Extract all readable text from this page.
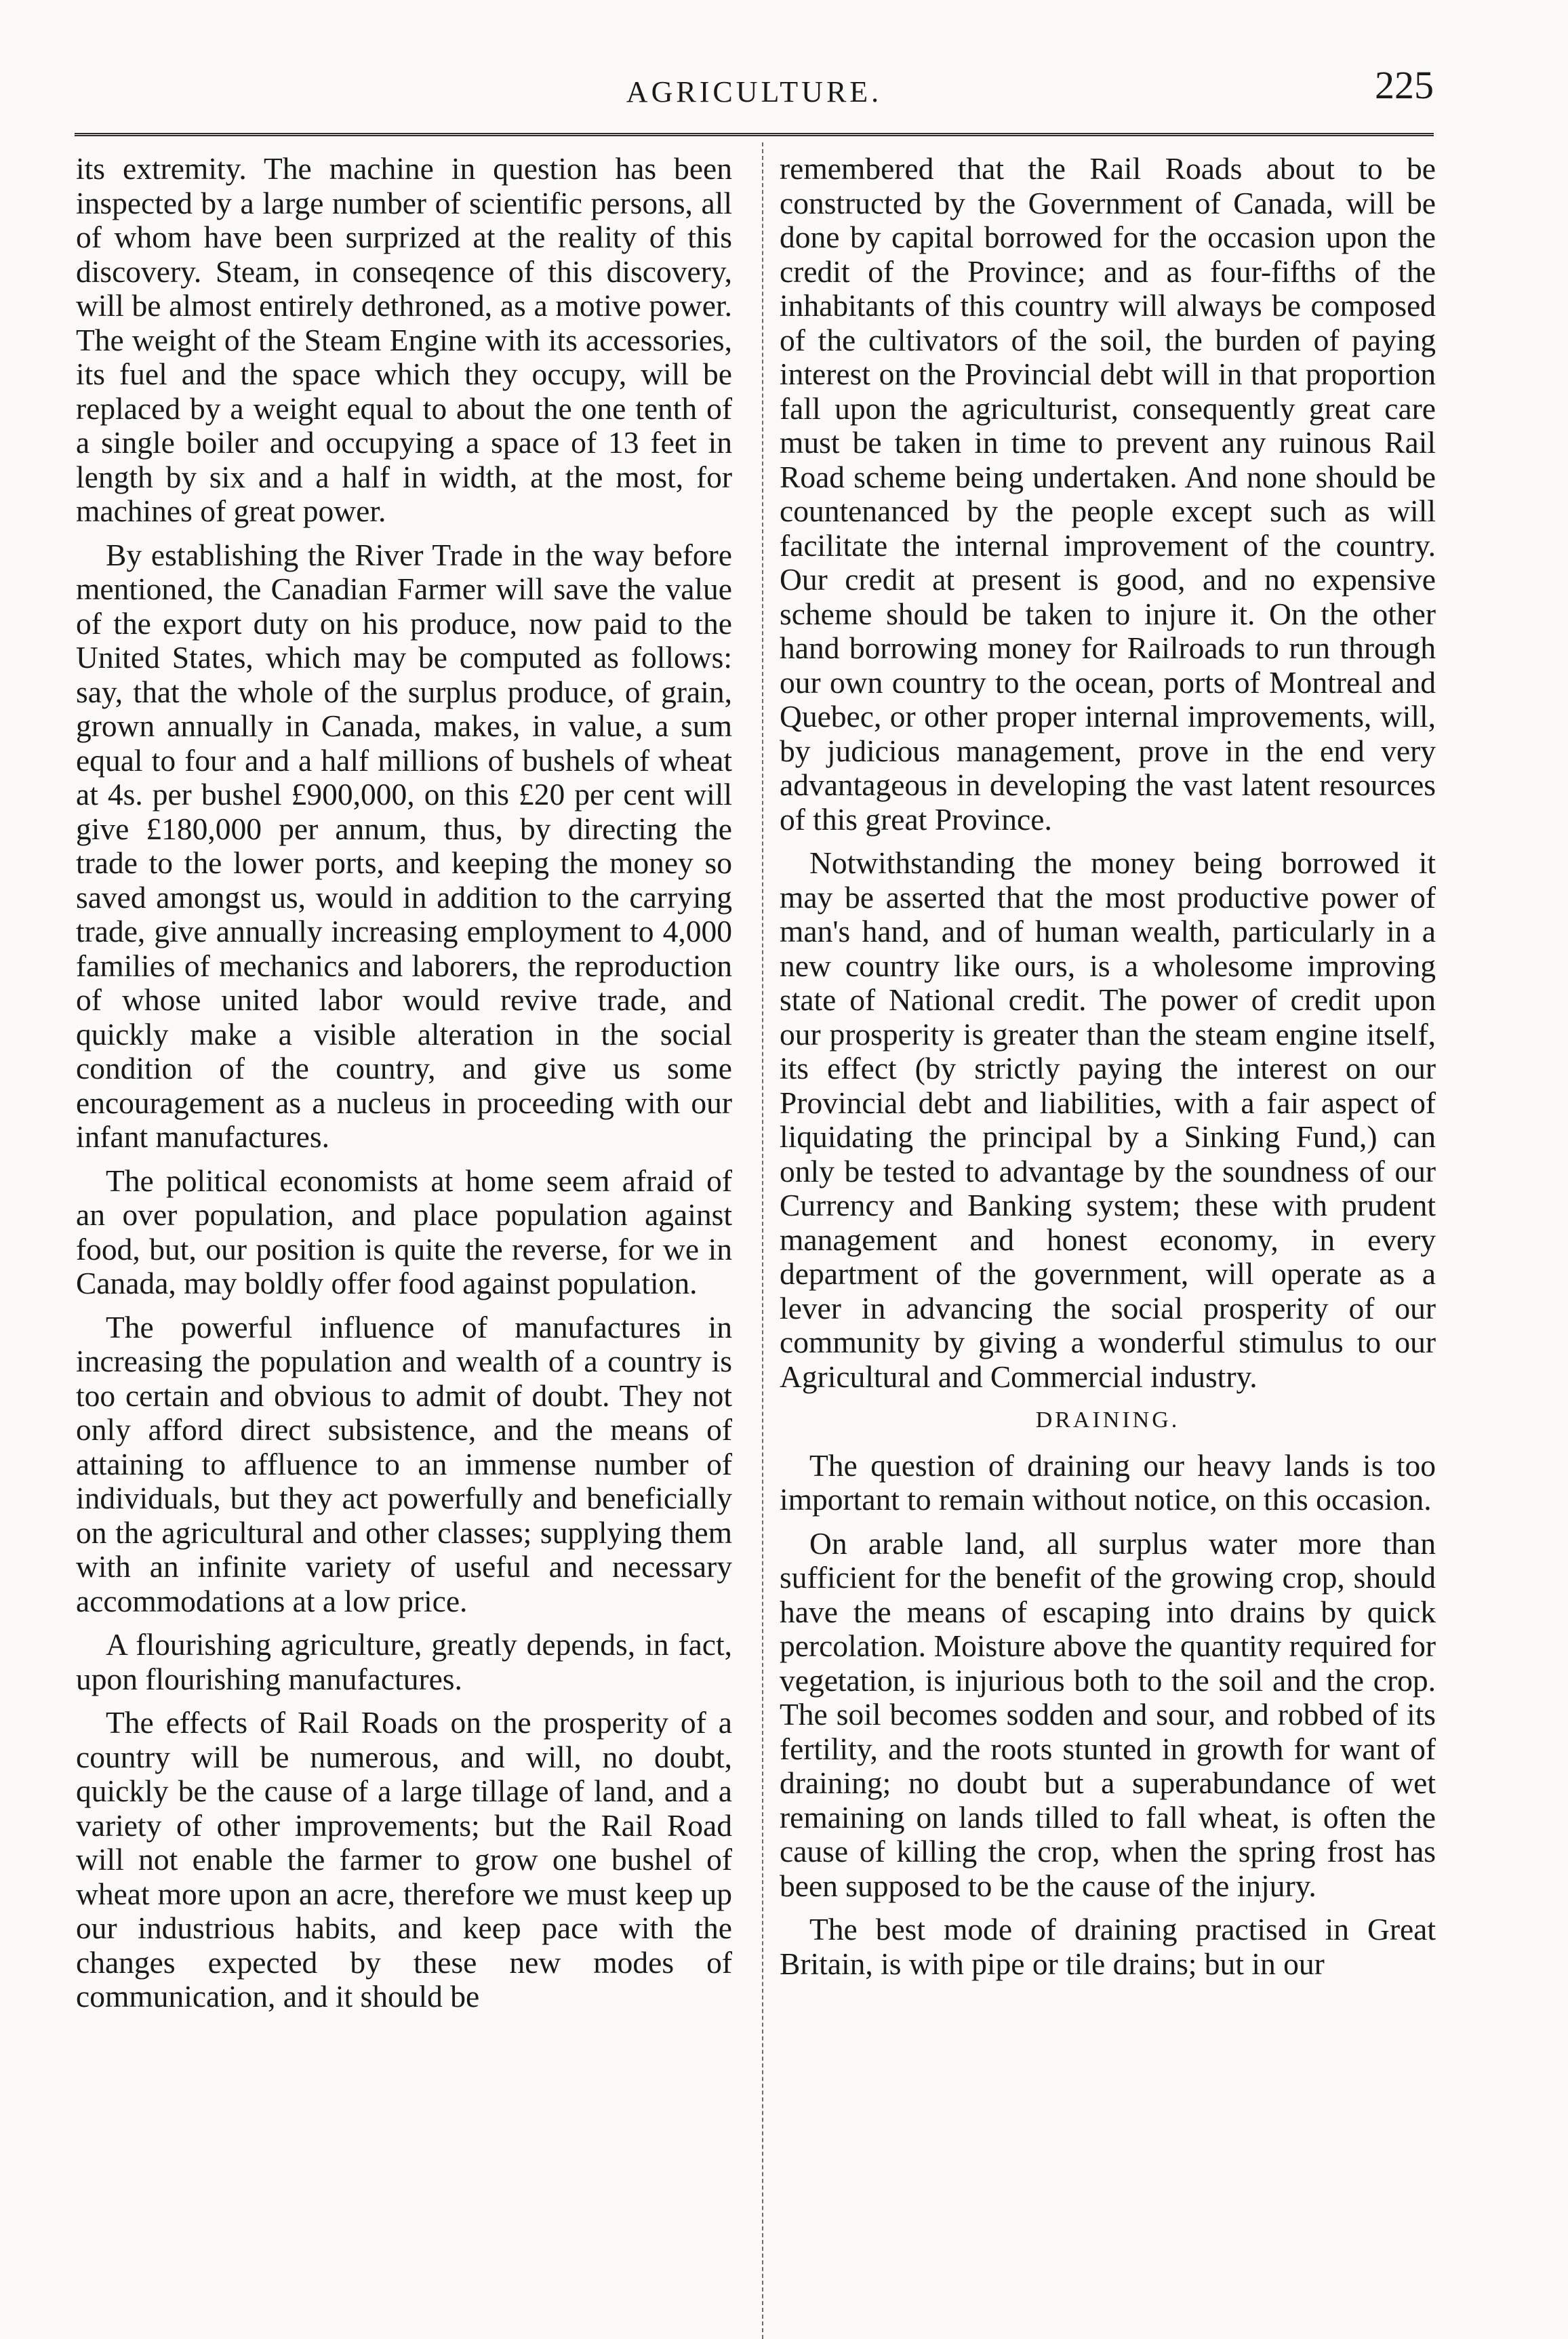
AGRICULTURE.	225

its extremity. The machine in question has been inspected by a large number of scientific persons, all of whom have been surprized at the reality of this discovery. Steam, in conseqence of this discovery, will be almost entirely dethroned, as a motive power. The weight of the Steam Engine with its accessories, its fuel and the space which they occupy, will be replaced by a weight equal to about the one tenth of a single boiler and occupying a space of 13 feet in length by six and a half in width, at the most, for machines of great power.

By establishing the River Trade in the way before mentioned, the Canadian Farmer will save the value of the export duty on his produce, now paid to the United States, which may be computed as follows: say, that the whole of the surplus produce, of grain, grown annually in Canada, makes, in value, a sum equal to four and a half millions of bushels of wheat at 4s. per bushel £900,000, on this £20 per cent will give £180,000 per annum, thus, by directing the trade to the lower ports, and keeping the money so saved amongst us, would in addition to the carrying trade, give annually increasing employment to 4,000 families of mechanics and laborers, the reproduction of whose united labor would revive trade, and quickly make a visible alteration in the social condition of the country, and give us some encouragement as a nucleus in proceeding with our infant manufactures.

The political economists at home seem afraid of an over population, and place population against food, but, our position is quite the reverse, for we in Canada, may boldly offer food against population.

The powerful influence of manufactures in increasing the population and wealth of a country is too certain and obvious to admit of doubt. They not only afford direct subsistence, and the means of attaining to affluence to an immense number of individuals, but they act powerfully and beneficially on the agricultural and other classes; supplying them with an infinite variety of useful and necessary accommodations at a low price.

A flourishing agriculture, greatly depends, in fact, upon flourishing manufactures.

The effects of Rail Roads on the prosperity of a country will be numerous, and will, no doubt, quickly be the cause of a large tillage of land, and a variety of other improvements; but the Rail Road will not enable the farmer to grow one bushel of wheat more upon an acre, therefore we must keep up our industrious habits, and keep pace with the changes expected by these new modes of communication, and it should be

remembered that the Rail Roads about to be constructed by the Government of Canada, will be done by capital borrowed for the occasion upon the credit of the Province; and as four-fifths of the inhabitants of this country will always be composed of the cultivators of the soil, the burden of paying interest on the Provincial debt will in that proportion fall upon the agriculturist, consequently great care must be taken in time to prevent any ruinous Rail Road scheme being undertaken. And none should be countenanced by the people except such as will facilitate the internal improvement of the country. Our credit at present is good, and no expensive scheme should be taken to injure it. On the other hand borrowing money for Railroads to run through our own country to the ocean, ports of Montreal and Quebec, or other proper internal improvements, will, by judicious management, prove in the end very advantageous in developing the vast latent resources of this great Province.

Notwithstanding the money being borrowed it may be asserted that the most productive power of man's hand, and of human wealth, particularly in a new country like ours, is a wholesome improving state of National credit. The power of credit upon our prosperity is greater than the steam engine itself, its effect (by strictly paying the interest on our Provincial debt and liabilities, with a fair aspect of liquidating the principal by a Sinking Fund,) can only be tested to advantage by the soundness of our Currency and Banking system; these with prudent management and honest economy, in every department of the government, will operate as a lever in advancing the social prosperity of our community by giving a wonderful stimulus to our Agricultural and Commercial industry.

DRAINING.

The question of draining our heavy lands is too important to remain without notice, on this occasion.

On arable land, all surplus water more than sufficient for the benefit of the growing crop, should have the means of escaping into drains by quick percolation. Moisture above the quantity required for vegetation, is injurious both to the soil and the crop. The soil becomes sodden and sour, and robbed of its fertility, and the roots stunted in growth for want of draining; no doubt but a superabundance of wet remaining on lands tilled to fall wheat, is often the cause of killing the crop, when the spring frost has been supposed to be the cause of the injury.

The best mode of draining practised in Great Britain, is with pipe or tile drains; but in our
